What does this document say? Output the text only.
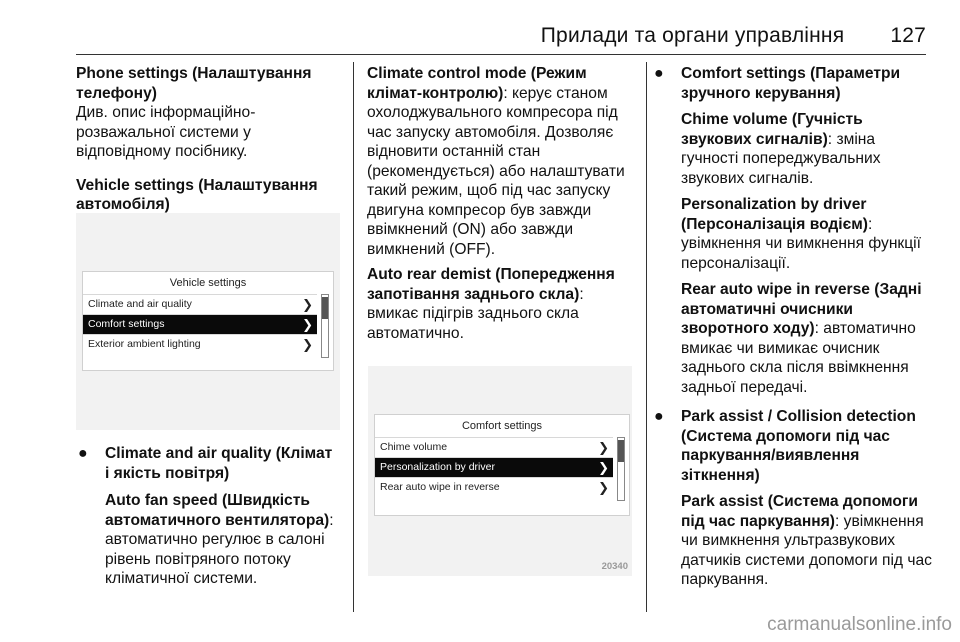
Прилади та органи управління 127

Phone settings (Налаштування телефону)

Див. опис інформаційно-розважальної системи у відповідному посібнику.

Vehicle settings (Налаштування автомобіля)

Vehicle settings
Climate and air quality	❯
Comfort settings	❯
Exterior ambient lighting	❯
● Climate and air quality (Клімат і якість повітря)

Auto fan speed (Швидкість автоматичного вентилятора): автоматично регулює в салоні рівень повітряного потоку кліматичної системи.

Climate control mode (Режим клімат-контролю): керує станом охолоджувального компресора під час запуску автомобіля. Дозволяє відновити останній стан (рекомендується) або налаштувати такий режим, щоб під час запуску двигуна компресор був завжди ввімкнений (ON) або завжди вимкнений (OFF).

Auto rear demist (Попередження запотівання заднього скла): вмикає підігрів заднього скла автоматично.

Comfort settings
Chime volume	❯
Personalization by driver	❯
Rear auto wipe in reverse	❯
20340
● Comfort settings (Параметри зручного керування)

Chime volume (Гучність звукових сигналів): зміна гучності попереджувальних звукових сигналів.

Personalization by driver (Персоналізація водієм): увімкнення чи вимкнення функції персоналізації.

Rear auto wipe in reverse (Задні автоматичні очисники зворотного ходу): автоматично вмикає чи вимикає очисник заднього скла після ввімкнення задньої передачі.

● Park assist / Collision detection (Система допомоги під час паркування/виявлення зіткнення)

Park assist (Система допомоги під час паркування): увімкнення чи вимкнення ультразвукових датчиків системи допомоги під час паркування.

carmanualsonline.info
